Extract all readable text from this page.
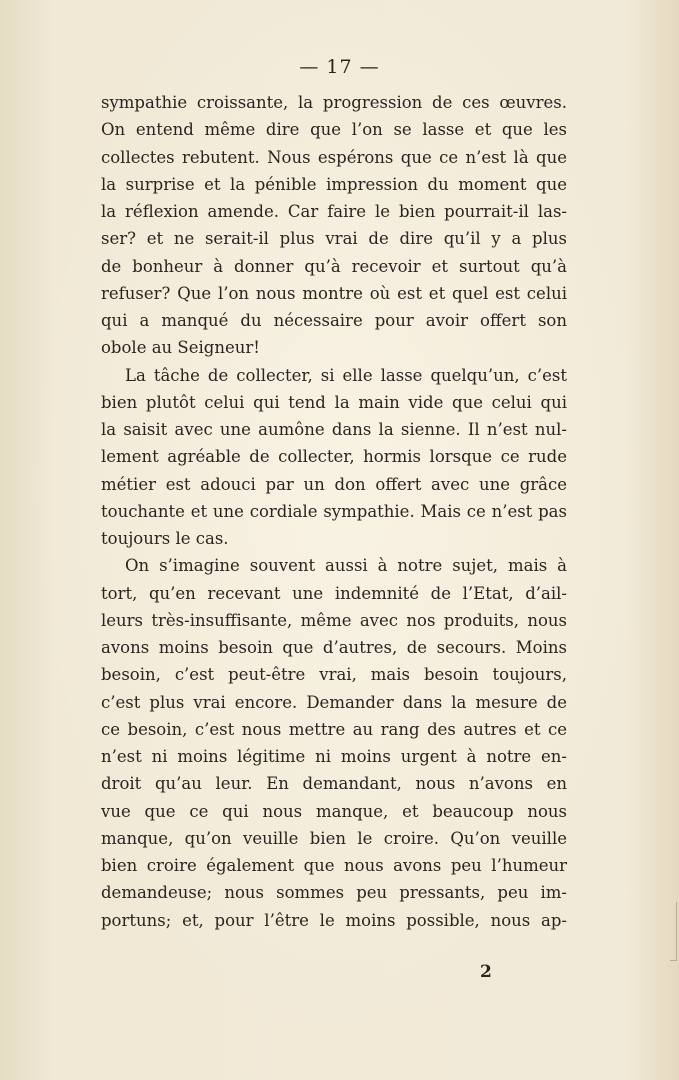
— 17 —
sympathie croissante, la progression de ces œuvres.
On entend même dire que l’on se lasse et que les
collectes rebutent. Nous espérons que ce n’est là que
la surprise et la pénible impression du moment que
la réflexion amende. Car faire le bien pourrait-il las-
ser? et ne serait-il plus vrai de dire qu’il y a plus
de bonheur à donner qu’à recevoir et surtout qu’à
refuser? Que l’on nous montre où est et quel est celui
qui a manqué du nécessaire pour avoir offert son
obole au Seigneur!
La tâche de collecter, si elle lasse quelqu’un, c’est
bien plutôt celui qui tend la main vide que celui qui
la saisit avec une aumône dans la sienne. Il n’est nul-
lement agréable de collecter, hormis lorsque ce rude
métier est adouci par un don offert avec une grâce
touchante et une cordiale sympathie. Mais ce n’est pas
toujours le cas.
On s’imagine souvent aussi à notre sujet, mais à
tort, qu’en recevant une indemnité de l’Etat, d’ail-
leurs très-insuffisante, même avec nos produits, nous
avons moins besoin que d’autres, de secours. Moins
besoin, c’est peut-être vrai, mais besoin toujours,
c’est plus vrai encore. Demander dans la mesure de
ce besoin, c’est nous mettre au rang des autres et ce
n’est ni moins légitime ni moins urgent à notre en-
droit qu’au leur. En demandant, nous n’avons en
vue que ce qui nous manque, et beaucoup nous
manque, qu’on veuille bien le croire. Qu’on veuille
bien croire également que nous avons peu l’humeur
demandeuse; nous sommes peu pressants, peu im-
portuns; et, pour l’être le moins possible, nous ap-
2
